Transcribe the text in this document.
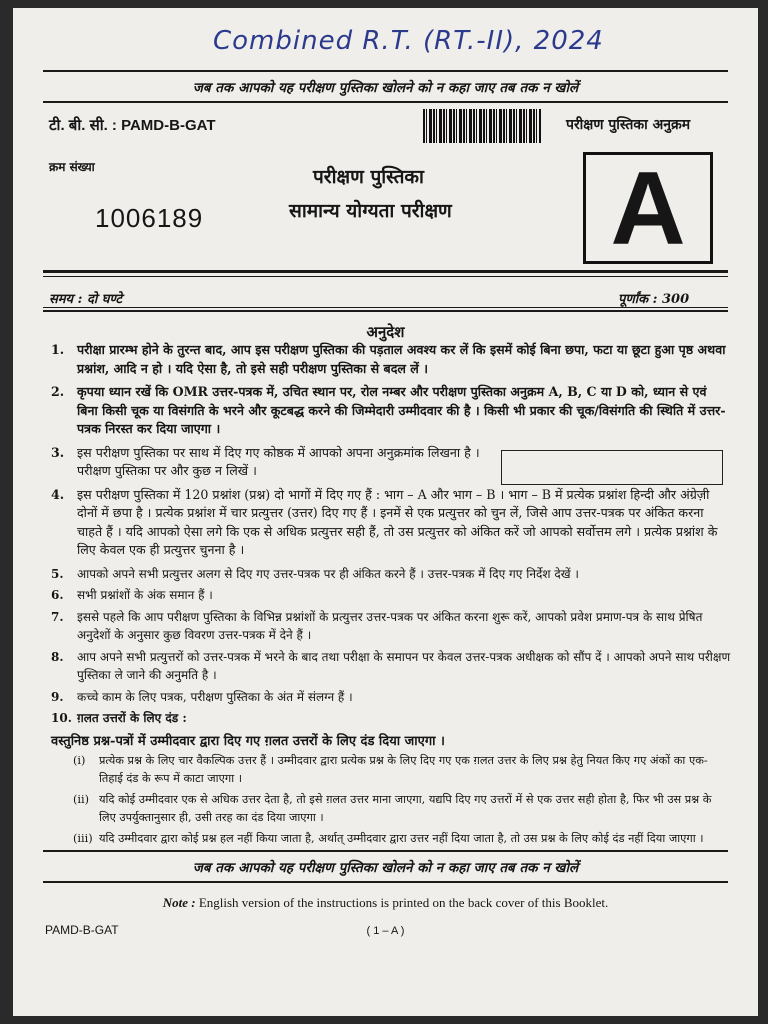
Combined R.T. (RT.-II), 2024
जब तक आपको यह परीक्षण पुस्तिका खोलने को न कहा जाए तब तक न खोलें
टी. बी. सी. : PAMD-B-GAT	परीक्षण पुस्तिका अनुक्रम
क्रम संख्या
1006189
परीक्षण पुस्तिका
सामान्य योग्यता परीक्षण A
समय : दो घण्टे	पूर्णांक : 300
अनुदेश
1. परीक्षा प्रारम्भ होने के तुरन्त बाद, आप इस परीक्षण पुस्तिका की पड़ताल अवश्य कर लें कि इसमें कोई बिना छपा, फटा या छूटा हुआ पृष्ठ अथवा प्रश्नांश, आदि न हो । यदि ऐसा है, तो इसे सही परीक्षण पुस्तिका से बदल लें ।
2. कृपया ध्यान रखें कि OMR उत्तर-पत्रक में, उचित स्थान पर, रोल नम्बर और परीक्षण पुस्तिका अनुक्रम A, B, C या D को, ध्यान से एवं बिना किसी चूक या विसंगति के भरने और कूटबद्ध करने की जिम्मेदारी उम्मीदवार की है । किसी भी प्रकार की चूक/विसंगति की स्थिति में उत्तर-पत्रक निरस्त कर दिया जाएगा ।
3. इस परीक्षण पुस्तिका पर साथ में दिए गए कोष्ठक में आपको अपना अनुक्रमांक लिखना है । परीक्षण पुस्तिका पर और कुछ न लिखें ।
4. इस परीक्षण पुस्तिका में 120 प्रश्नांश (प्रश्न) दो भागों में दिए गए हैं : भाग – A और भाग – B । भाग – B में प्रत्येक प्रश्नांश हिन्दी और अंग्रेज़ी दोनों में छपा है । प्रत्येक प्रश्नांश में चार प्रत्युत्तर (उत्तर) दिए गए हैं । इनमें से एक प्रत्युत्तर को चुन लें, जिसे आप उत्तर-पत्रक पर अंकित करना चाहते हैं । यदि आपको ऐसा लगे कि एक से अधिक प्रत्युत्तर सही हैं, तो उस प्रत्युत्तर को अंकित करें जो आपको सर्वोत्तम लगे । प्रत्येक प्रश्नांश के लिए केवल एक ही प्रत्युत्तर चुनना है ।
5. आपको अपने सभी प्रत्युत्तर अलग से दिए गए उत्तर-पत्रक पर ही अंकित करने हैं । उत्तर-पत्रक में दिए गए निर्देश देखें ।
6. सभी प्रश्नांशों के अंक समान हैं ।
7. इससे पहले कि आप परीक्षण पुस्तिका के विभिन्न प्रश्नांशों के प्रत्युत्तर उत्तर-पत्रक पर अंकित करना शुरू करें, आपको प्रवेश प्रमाण-पत्र के साथ प्रेषित अनुदेशों के अनुसार कुछ विवरण उत्तर-पत्रक में देने हैं ।
8. आप अपने सभी प्रत्युत्तरों को उत्तर-पत्रक में भरने के बाद तथा परीक्षा के समापन पर केवल उत्तर-पत्रक अधीक्षक को सौंप दें । आपको अपने साथ परीक्षण पुस्तिका ले जाने की अनुमति है ।
9. कच्चे काम के लिए पत्रक, परीक्षण पुस्तिका के अंत में संलग्न हैं ।
10. ग़लत उत्तरों के लिए दंड :
वस्तुनिष्ठ प्रश्न-पत्रों में उम्मीदवार द्वारा दिए गए ग़लत उत्तरों के लिए दंड दिया जाएगा ।
(i) प्रत्येक प्रश्न के लिए चार वैकल्पिक उत्तर हैं । उम्मीदवार द्वारा प्रत्येक प्रश्न के लिए दिए गए एक ग़लत उत्तर के लिए प्रश्न हेतु नियत किए गए अंकों का एक-तिहाई दंड के रूप में काटा जाएगा ।
(ii) यदि कोई उम्मीदवार एक से अधिक उत्तर देता है, तो इसे ग़लत उत्तर माना जाएगा, यद्यपि दिए गए उत्तरों में से एक उत्तर सही होता है, फिर भी उस प्रश्न के लिए उपर्युक्तानुसार ही, उसी तरह का दंड दिया जाएगा ।
(iii) यदि उम्मीदवार द्वारा कोई प्रश्न हल नहीं किया जाता है, अर्थात् उम्मीदवार द्वारा उत्तर नहीं दिया जाता है, तो उस प्रश्न के लिए कोई दंड नहीं दिया जाएगा ।
जब तक आपको यह परीक्षण पुस्तिका खोलने को न कहा जाए तब तक न खोलें
Note : English version of the instructions is printed on the back cover of this Booklet.
PAMD-B-GAT	( 1 – A )
